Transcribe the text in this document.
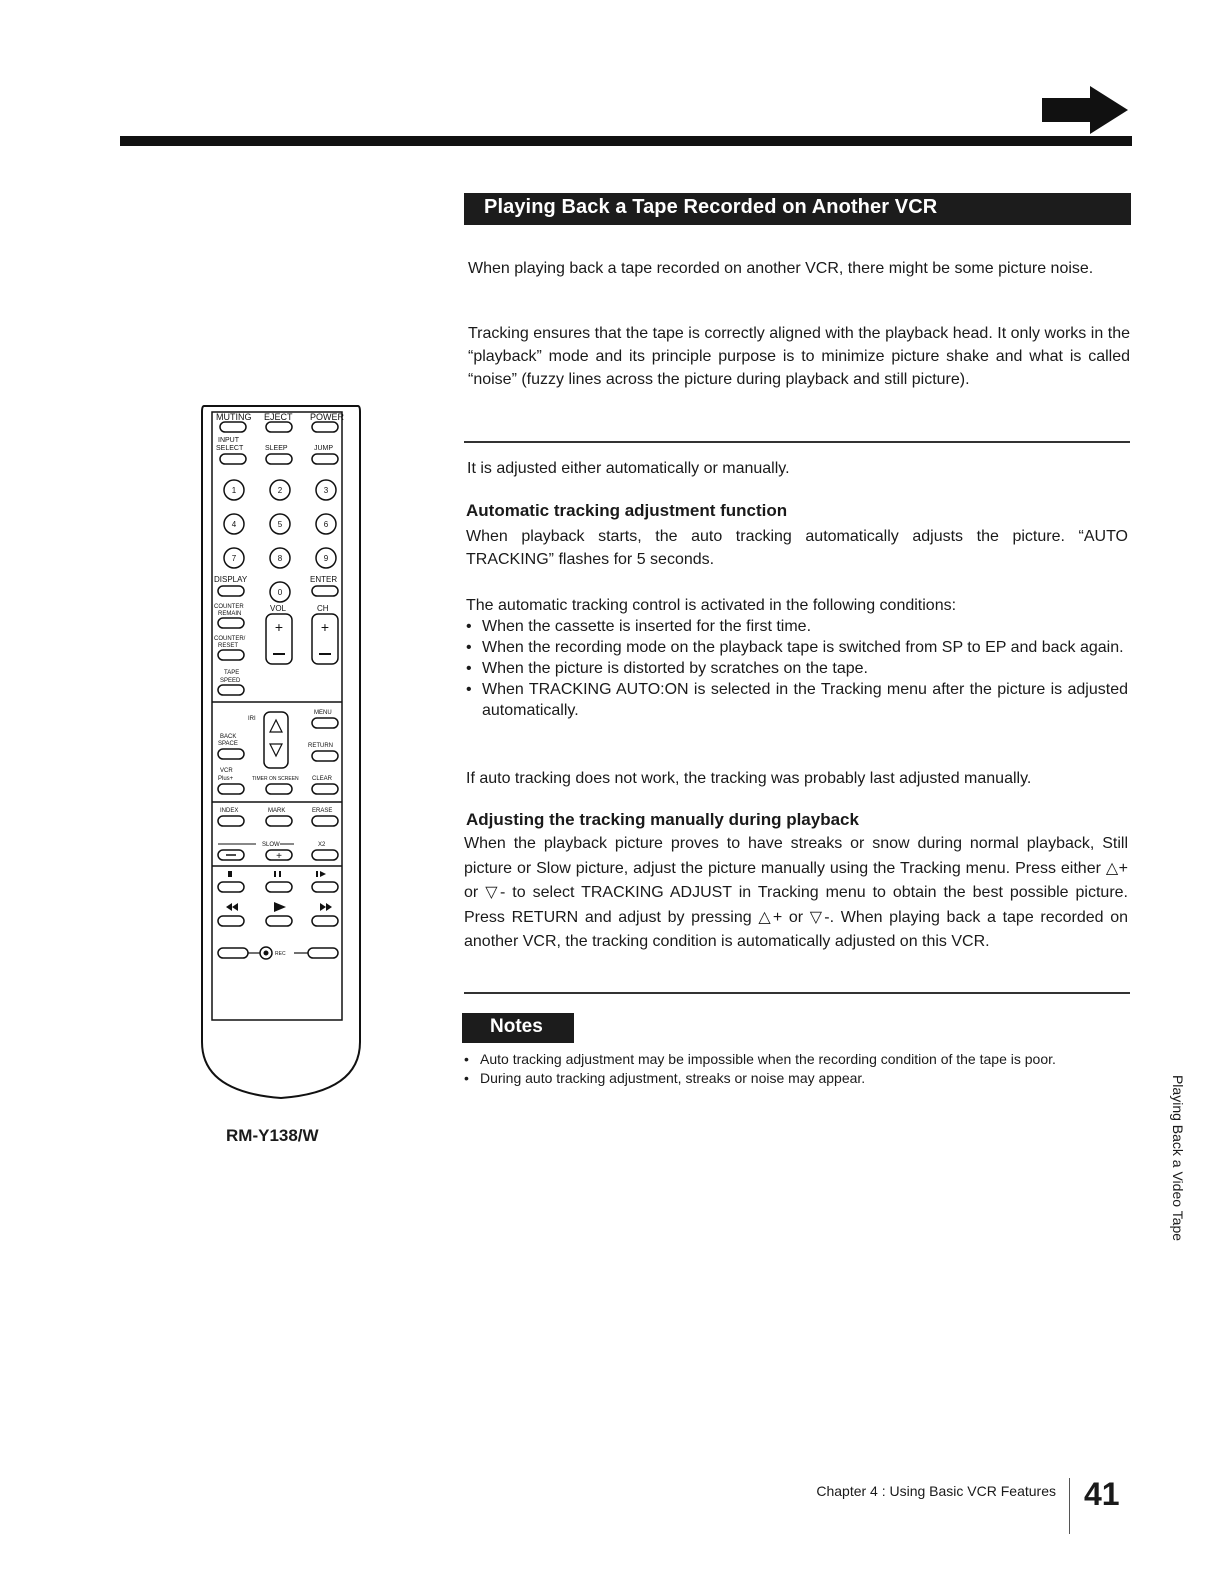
Playing Back a Tape Recorded on Another VCR
When playing back a tape recorded on another VCR, there might be some picture noise.
Tracking ensures that the tape is correctly aligned with the playback head. It only works in the “playback” mode and its principle purpose is to minimize picture shake and what is called “noise” (fuzzy lines across the picture during playback and still picture).
It is adjusted either automatically or manually.
Automatic tracking adjustment function
When playback starts, the auto tracking automatically adjusts the picture. “AUTO TRACKING” flashes for 5 seconds.
The automatic tracking control is activated in the following conditions:
• When the cassette is inserted for the first time.
• When the recording mode on the playback tape is switched from SP to EP and back again.
• When the picture is distorted by scratches on the tape.
• When TRACKING AUTO:ON is selected in the Tracking menu after the picture is adjusted automatically.
If auto tracking does not work, the tracking was probably last adjusted manually.
Adjusting the tracking manually during playback
When the playback picture proves to have streaks or snow during normal playback, Still picture or Slow picture, adjust the picture manually using the Tracking menu. Press either △+ or ▽- to select TRACKING ADJUST in Tracking menu to obtain the best possible picture. Press RETURN and adjust by pressing △+ or ▽-. When playing back a tape recorded on another VCR, the tracking condition is automatically adjusted on this VCR.
Notes
• Auto tracking adjustment may be impossible when the recording condition of the tape is poor.
• During auto tracking adjustment, streaks or noise may appear.	Playing Back a Video Tape
Chapter 4 : Using Basic VCR Features 41
MUTING EJECT POWER
INPUT
SELECT	SLEEP	JUMP
1	2	3
4	5	6
7	8	9
0
DISPLAY	ENTER
COUNTER
REMAIN
VOL	CH
+	+
COUNTER/
RESET
TAPE
SPEED
MENU
IRI
BACK
SPACE	RETURN
VCR
Plus+	TIMER ON SCREEN CLEAR
INDEX	MARK	ERASE
SLOW	X2
+
REC
RM-Y138/W
